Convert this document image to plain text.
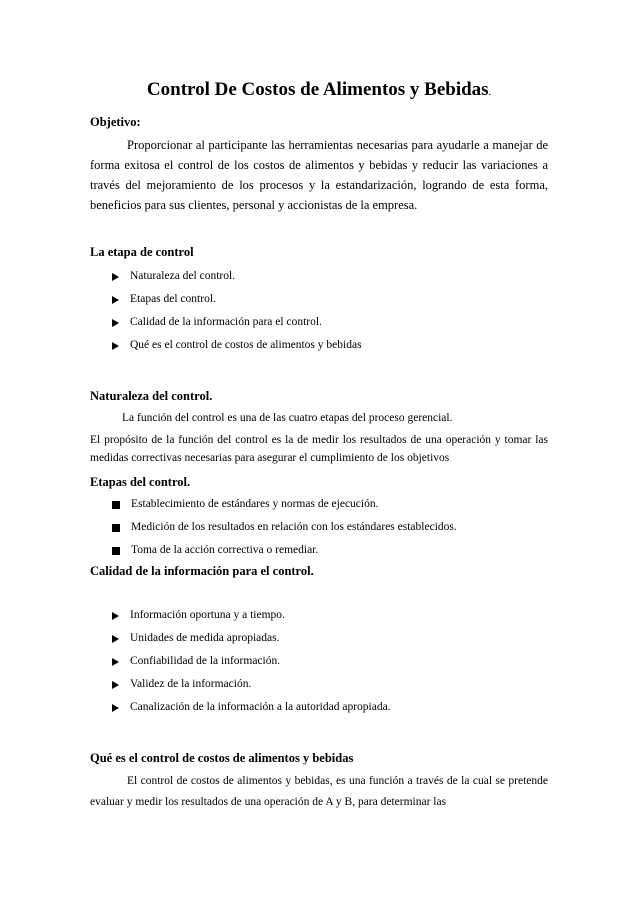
Control De Costos de Alimentos y Bebidas.

Objetivo:

Proporcionar al participante las herramientas necesarias para ayudarle a manejar de forma exitosa el control de los costos de alimentos y bebidas y reducir las variaciones a través del mejoramiento de los procesos y la estandarización, logrando de esta forma, beneficios para sus clientes, personal y accionistas de la empresa.

La etapa de control

Naturaleza del control.
Etapas del control.
Calidad de la información para el control.
Qué es el control de costos de alimentos y bebidas

Naturaleza del control.

La función del control es una de las cuatro etapas del proceso gerencial.

El propósito de la función del control es la de medir los resultados de una operación y tomar las medidas correctivas necesarias para asegurar el cumplimiento de los objetivos

Etapas del control.

Establecimiento de estándares y normas de ejecución.
Medición de los resultados en relación con los estándares establecidos.
Toma de la acción correctiva o remediar.

Calidad de la información para el control.

Información oportuna y a tiempo.
Unidades de medida apropiadas.
Confiabilidad de la información.
Validez de la información.
Canalización de la información a la autoridad apropiada.

Qué es el control de costos de alimentos y bebidas

El control de costos de alimentos y bebidas, es una función a través de la cual se pretende evaluar y medir los resultados de una operación de A y B, para determinar las
